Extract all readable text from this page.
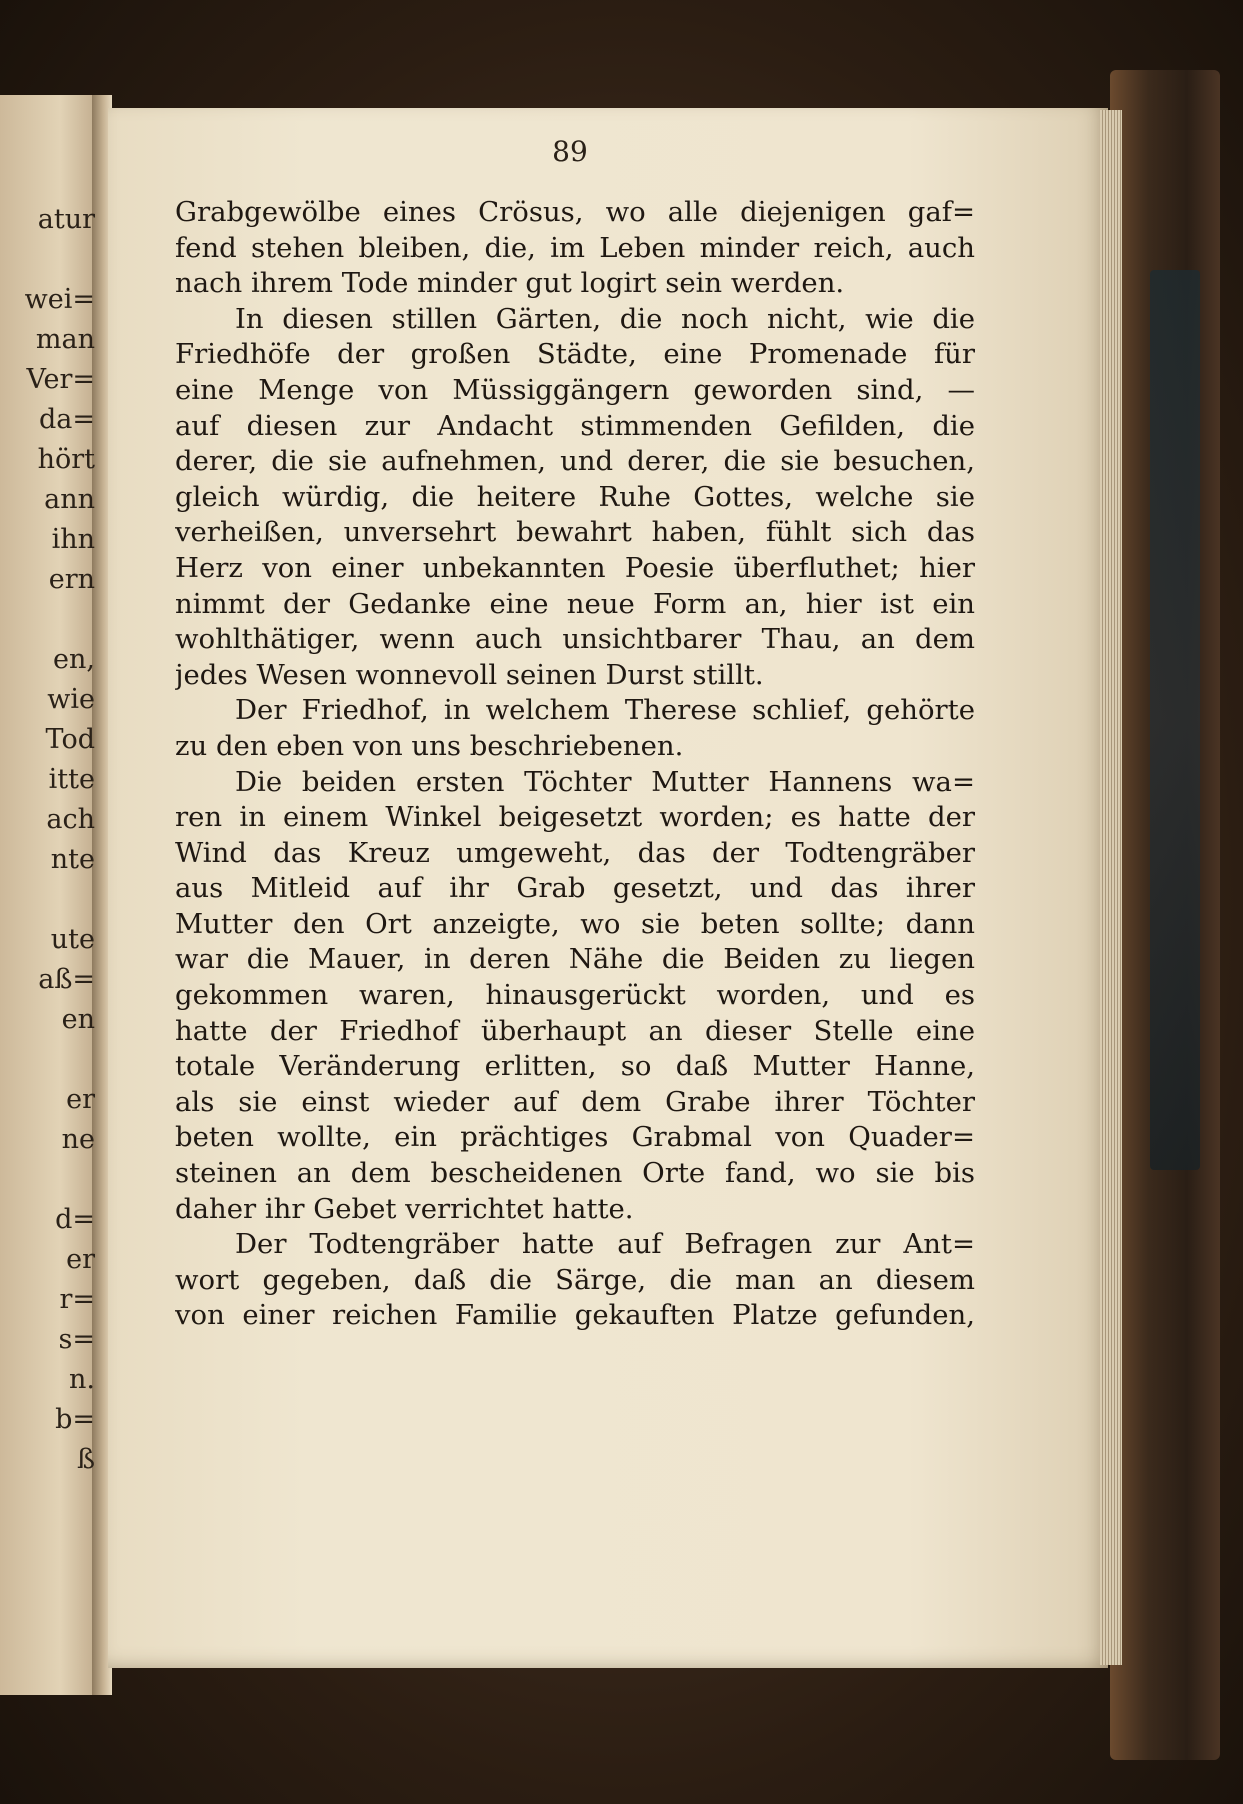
atur
wei=
man
Ver=
da=
hört
ann
ihn
ern
en,
wie
Tod
itte
ach
nte
ute
aß=
en
er
ne
d=
er
r=
s=
n.
b=
ß
89
Grabgewölbe eines Crösus, wo alle diejenigen gaf=
fend stehen bleiben, die, im Leben minder reich, auch
nach ihrem Tode minder gut logirt sein werden.
In diesen stillen Gärten, die noch nicht, wie die
Friedhöfe der großen Städte, eine Promenade für
eine Menge von Müssiggängern geworden sind, —
auf diesen zur Andacht stimmenden Gefilden, die
derer, die sie aufnehmen, und derer, die sie besuchen,
gleich würdig, die heitere Ruhe Gottes, welche sie
verheißen, unversehrt bewahrt haben, fühlt sich das
Herz von einer unbekannten Poesie überfluthet; hier
nimmt der Gedanke eine neue Form an, hier ist ein
wohlthätiger, wenn auch unsichtbarer Thau, an dem
jedes Wesen wonnevoll seinen Durst stillt.
Der Friedhof, in welchem Therese schlief, gehörte
zu den eben von uns beschriebenen.
Die beiden ersten Töchter Mutter Hannens wa=
ren in einem Winkel beigesetzt worden; es hatte der
Wind das Kreuz umgeweht, das der Todtengräber
aus Mitleid auf ihr Grab gesetzt, und das ihrer
Mutter den Ort anzeigte, wo sie beten sollte; dann
war die Mauer, in deren Nähe die Beiden zu liegen
gekommen waren, hinausgerückt worden, und es
hatte der Friedhof überhaupt an dieser Stelle eine
totale Veränderung erlitten, so daß Mutter Hanne,
als sie einst wieder auf dem Grabe ihrer Töchter
beten wollte, ein prächtiges Grabmal von Quader=
steinen an dem bescheidenen Orte fand, wo sie bis
daher ihr Gebet verrichtet hatte.
Der Todtengräber hatte auf Befragen zur Ant=
wort gegeben, daß die Särge, die man an diesem
von einer reichen Familie gekauften Platze gefunden,
